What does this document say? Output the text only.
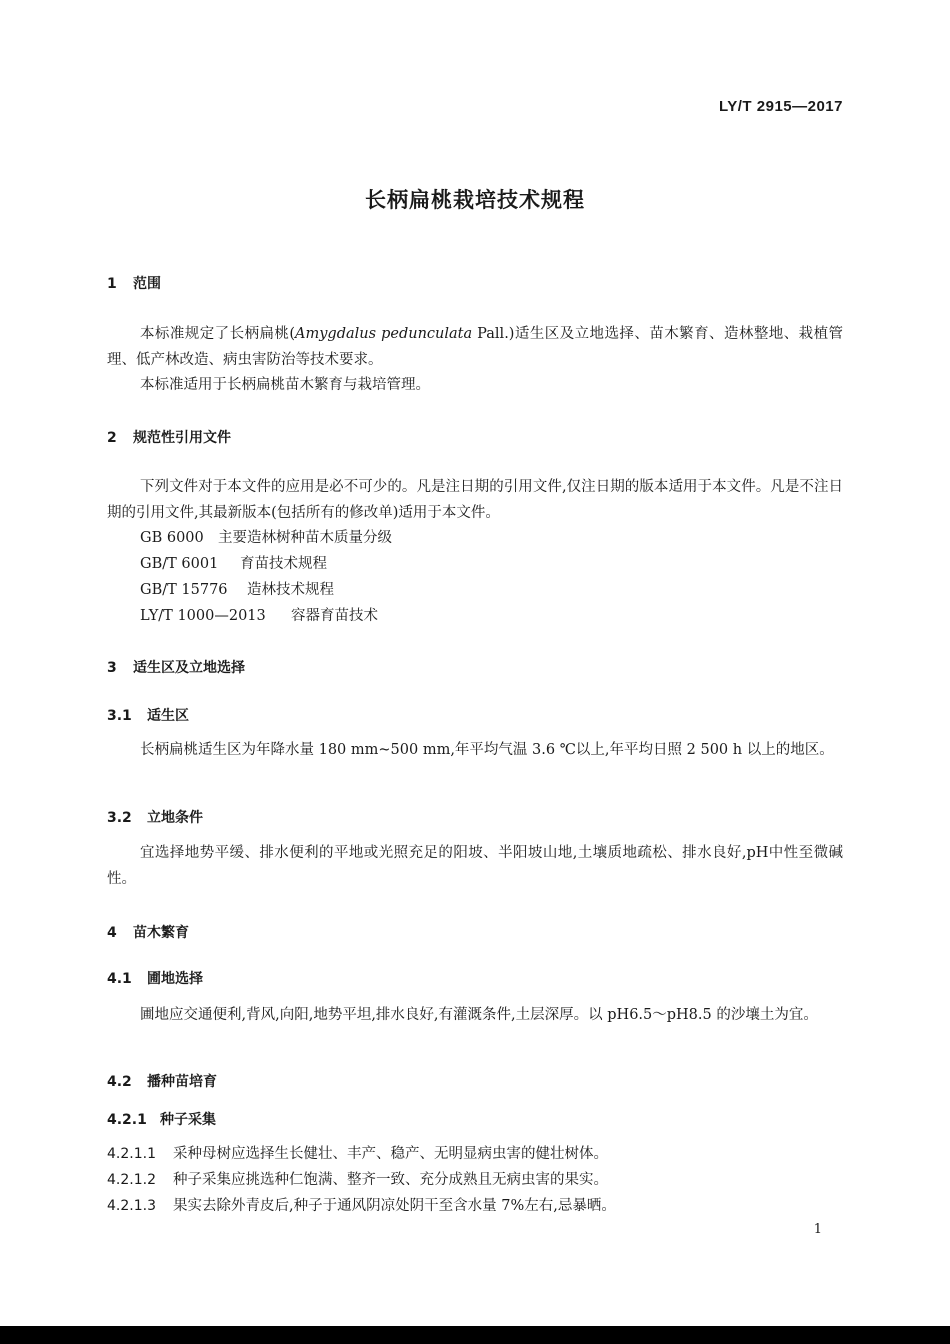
LY/T 2915—2017
长柄扁桃栽培技术规程
1 范围
本标准规定了长柄扁桃(Amygdalus pedunculata Pall.)适生区及立地选择、苗木繁育、造林整地、栽植管理、低产林改造、病虫害防治等技术要求。
本标准适用于长柄扁桃苗木繁育与栽培管理。
2 规范性引用文件
下列文件对于本文件的应用是必不可少的。凡是注日期的引用文件,仅注日期的版本适用于本文件。凡是不注日期的引用文件,其最新版本(包括所有的修改单)适用于本文件。
GB 6000 主要造林树种苗木质量分级
GB/T 6001 育苗技术规程
GB/T 15776 造林技术规程
LY/T 1000—2013 容器育苗技术
3 适生区及立地选择
3.1 适生区
长柄扁桃适生区为年降水量 180 mm~500 mm,年平均气温 3.6 ℃以上,年平均日照 2 500 h 以上的地区。
3.2 立地条件
宜选择地势平缓、排水便利的平地或光照充足的阳坡、半阳坡山地,土壤质地疏松、排水良好,pH中性至微碱性。
4 苗木繁育
4.1 圃地选择
圃地应交通便利,背风,向阳,地势平坦,排水良好,有灌溉条件,土层深厚。以 pH6.5～pH8.5 的沙壤土为宜。
4.2 播种苗培育
4.2.1 种子采集
4.2.1.1 采种母树应选择生长健壮、丰产、稳产、无明显病虫害的健壮树体。
4.2.1.2 种子采集应挑选种仁饱满、整齐一致、充分成熟且无病虫害的果实。
4.2.1.3 果实去除外青皮后,种子于通风阴凉处阴干至含水量 7%左右,忌暴晒。
1
